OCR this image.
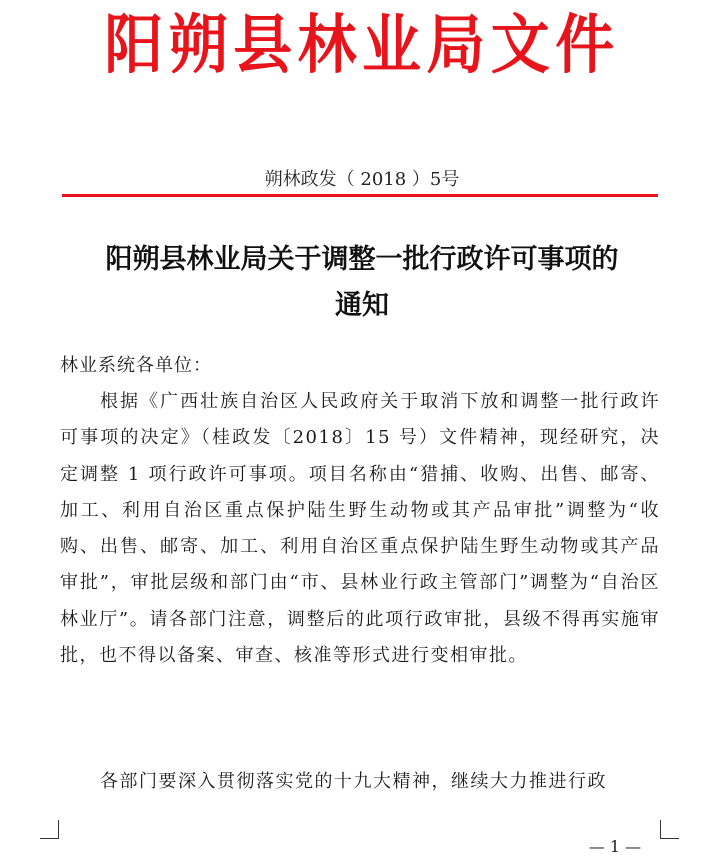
阳朔县林业局文件
朔林政发（ 2018 ）5号
阳朔县林业局关于调整一批行政许可事项的
通知
林业系统各单位：
根据《广西壮族自治区人民政府关于取消下放和调整一批行政许可事项的决定》（桂政发〔2018〕15 号）文件精神，现经研究，决定调整 1 项行政许可事项。项目名称由“猎捕、收购、出售、邮寄、加工、利用自治区重点保护陆生野生动物或其产品审批”调整为“收购、出售、邮寄、加工、利用自治区重点保护陆生野生动物或其产品审批”，审批层级和部门由“市、县林业行政主管部门”调整为“自治区林业厅”。请各部门注意，调整后的此项行政审批，县级不得再实施审批，也不得以备案、审查、核准等形式进行变相审批。
各部门要深入贯彻落实党的十九大精神，继续大力推进行政
— 1 —
